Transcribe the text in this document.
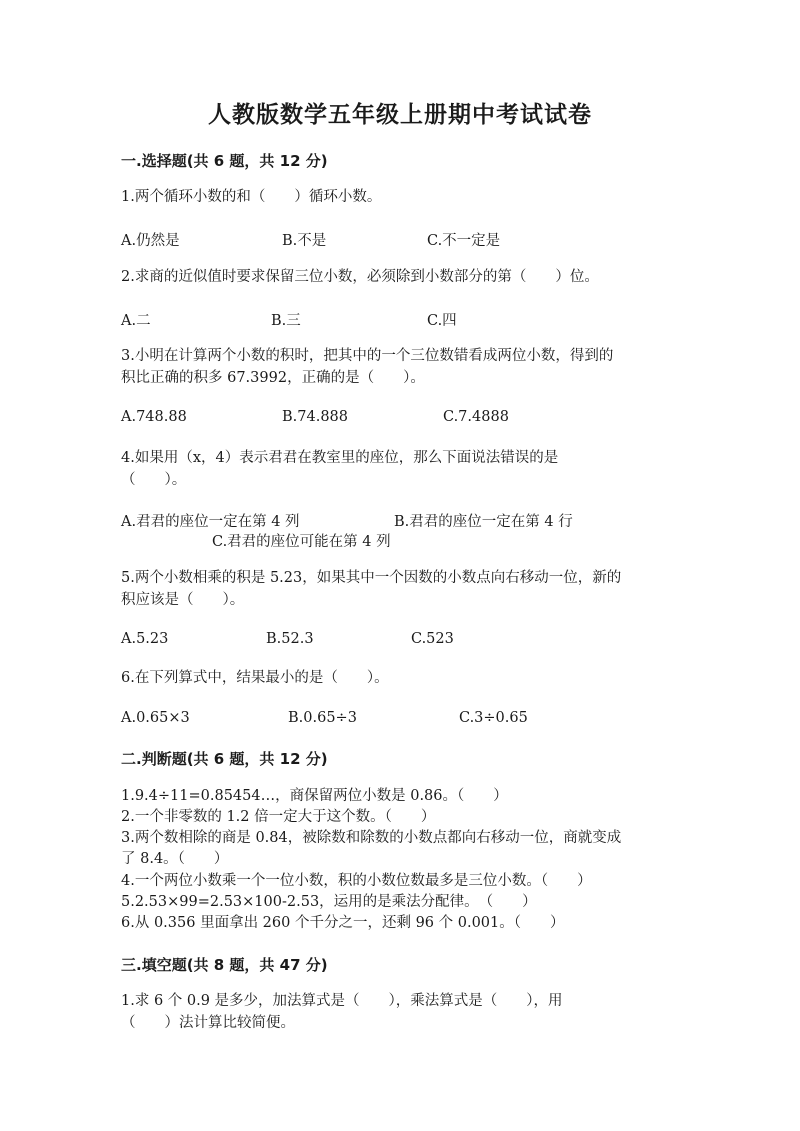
人教版数学五年级上册期中考试试卷
一.选择题(共 6 题，共 12 分)
1.两个循环小数的和（　　）循环小数。
A.仍然是	B.不是	C.不一定是
2.求商的近似值时要求保留三位小数，必须除到小数部分的第（　　）位。
A.二	B.三	C.四
3.小明在计算两个小数的积时，把其中的一个三位数错看成两位小数，得到的
积比正确的积多 67.3992，正确的是（　　）。
A.748.88	B.74.888	C.7.4888
4.如果用（x，4）表示君君在教室里的座位，那么下面说法错误的是
（　　）。
A.君君的座位一定在第 4 列	B.君君的座位一定在第 4 行
C.君君的座位可能在第 4 列
5.两个小数相乘的积是 5.23，如果其中一个因数的小数点向右移动一位，新的
积应该是（　　）。
A.5.23	B.52.3	C.523
6.在下列算式中，结果最小的是（　　）。
A.0.65×3	B.0.65÷3	C.3÷0.65
二.判断题(共 6 题，共 12 分)
1.9.4÷11=0.85454…，商保留两位小数是 0.86。（　　）
2.一个非零数的 1.2 倍一定大于这个数。（　　）
3.两个数相除的商是 0.84，被除数和除数的小数点都向右移动一位，商就变成
了 8.4。（　　）
4.一个两位小数乘一个一位小数，积的小数位数最多是三位小数。（　　）
5.2.53×99=2.53×100-2.53，运用的是乘法分配律。　（　　）
6.从 0.356 里面拿出 260 个千分之一，还剩 96 个 0.001。（　　）
三.填空题(共 8 题，共 47 分)
1.求 6 个 0.9 是多少，加法算式是（　　），乘法算式是（　　），用
（　　）法计算比较简便。
